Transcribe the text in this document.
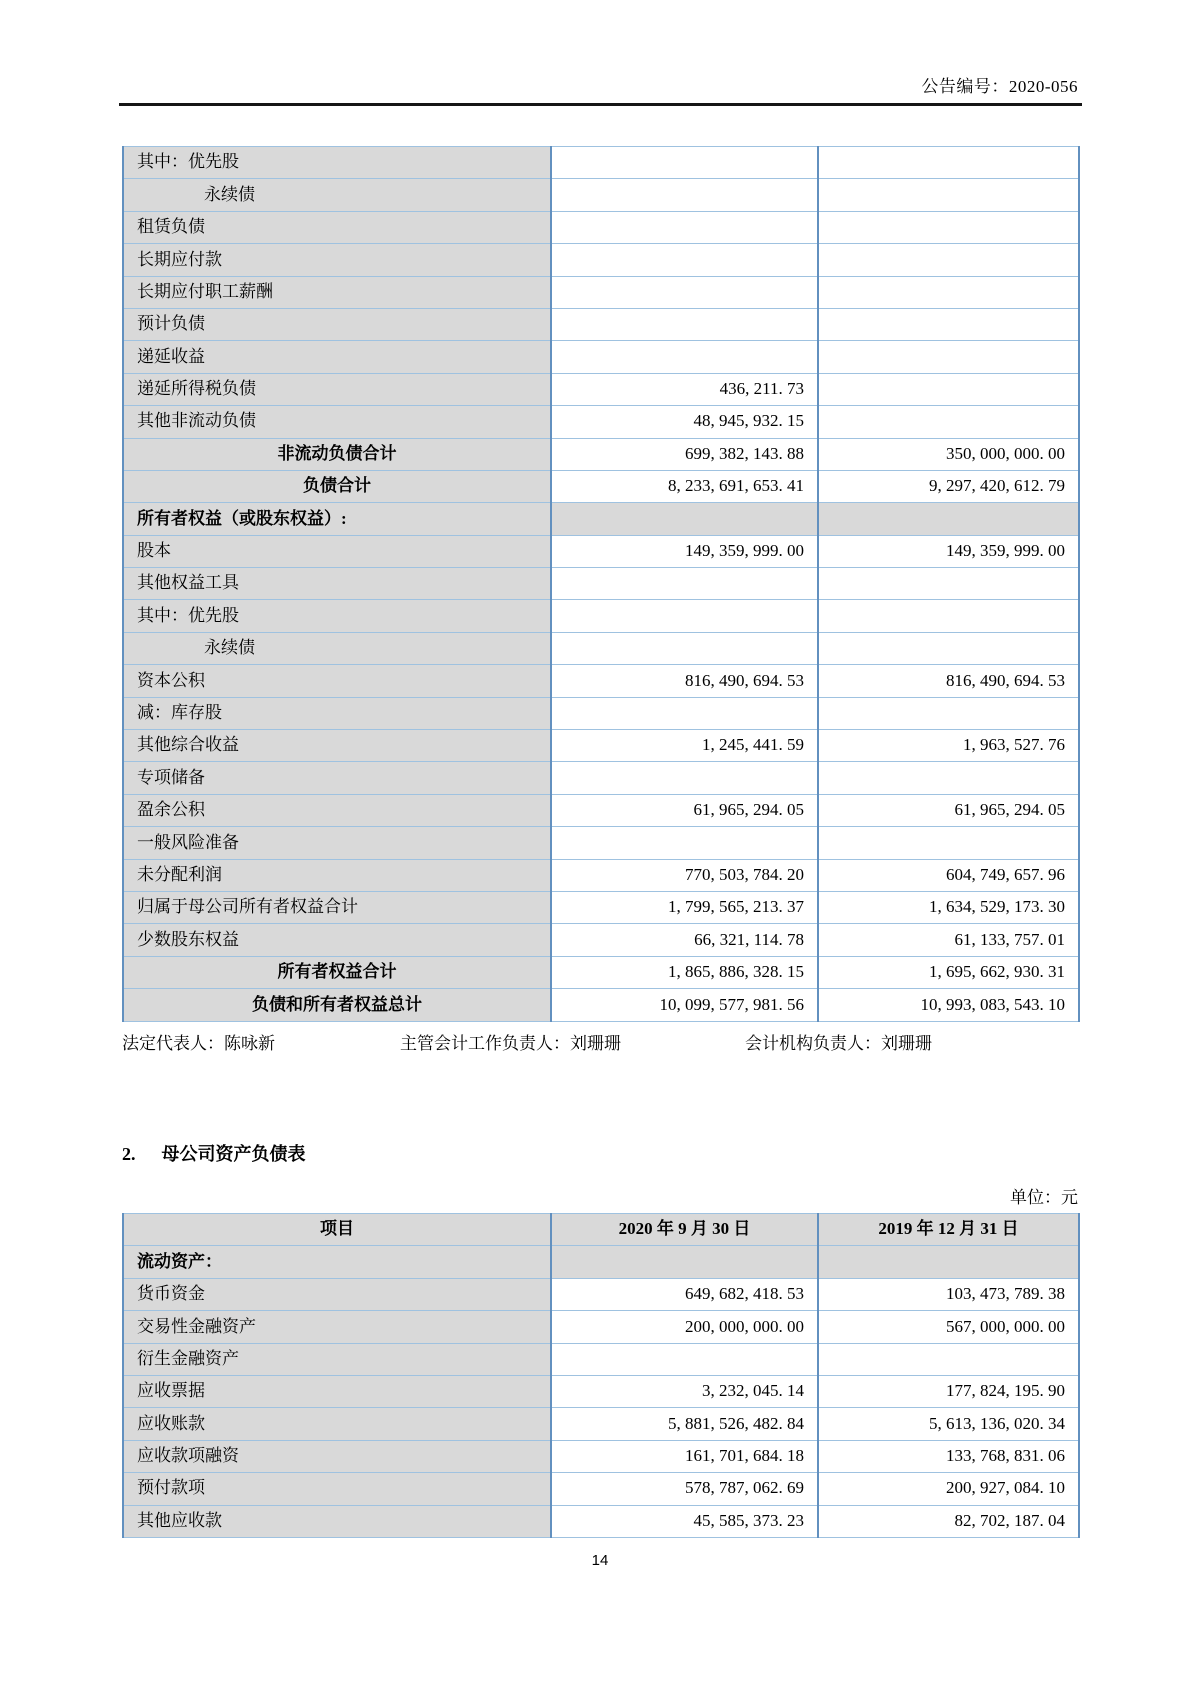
公告编号：2020-056
其中：优先股		
永续债		
租赁负债		
长期应付款		
长期应付职工薪酬		
预计负债		
递延收益		
递延所得税负债	436, 211. 73	
其他非流动负债	48, 945, 932. 15	
非流动负债合计	699, 382, 143. 88	350, 000, 000. 00
负债合计	8, 233, 691, 653. 41	9, 297, 420, 612. 79
所有者权益（或股东权益）:		
股本	149, 359, 999. 00	149, 359, 999. 00
其他权益工具		
其中：优先股		
永续债		
资本公积	816, 490, 694. 53	816, 490, 694. 53
减：库存股		
其他综合收益	1, 245, 441. 59	1, 963, 527. 76
专项储备		
盈余公积	61, 965, 294. 05	61, 965, 294. 05
一般风险准备		
未分配利润	770, 503, 784. 20	604, 749, 657. 96
归属于母公司所有者权益合计	1, 799, 565, 213. 37	1, 634, 529, 173. 30
少数股东权益	66, 321, 114. 78	61, 133, 757. 01
所有者权益合计	1, 865, 886, 328. 15	1, 695, 662, 930. 31
负债和所有者权益总计	10, 099, 577, 981. 56	10, 993, 083, 543. 10
法定代表人：陈咏新	主管会计工作负责人：刘珊珊	会计机构负责人：刘珊珊
2. 母公司资产负债表
单位：元
项目	2020 年 9 月 30 日	2019 年 12 月 31 日
流动资产：		
货币资金	649, 682, 418. 53	103, 473, 789. 38
交易性金融资产	200, 000, 000. 00	567, 000, 000. 00
衍生金融资产		
应收票据	3, 232, 045. 14	177, 824, 195. 90
应收账款	5, 881, 526, 482. 84	5, 613, 136, 020. 34
应收款项融资	161, 701, 684. 18	133, 768, 831. 06
预付款项	578, 787, 062. 69	200, 927, 084. 10
其他应收款	45, 585, 373. 23	82, 702, 187. 04
14
